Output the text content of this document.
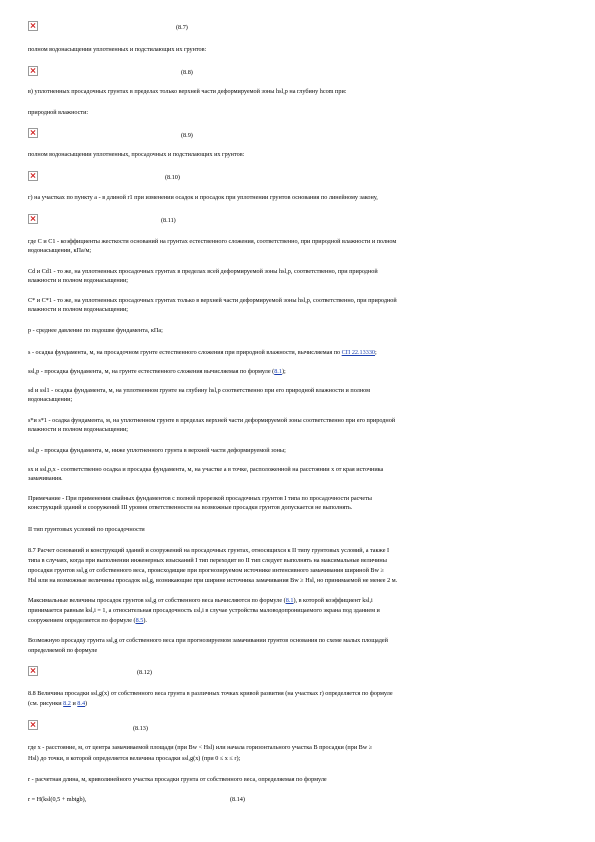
(8.7)
полном водонасыщении уплотненных и подстилающих их грунтов:
(8.8)
в) уплотненных просадочных грунтах в пределах только верхней части деформируемой зоны hsl,p на глубину hcom при:
природной влажности:
(8.9)
полном водонасыщении уплотненных, просадочных и подстилающих их грунтов:
(8.10)
г) на участках по пункту а - в длиной r1 при изменении осадок и просадок при уплотнении грунтов основания по линейному закону,
(8.11)
где С и С1 - коэффициенты жесткости оснований на грунтах естественного сложения, соответственно, при природной влажности и полном
водонасыщении, кПа/м;
Cd и Cd1 - то же, на уплотненных просадочных грунтах в пределах всей деформируемой зоны hsl,p, соответственно, при природной
влажности и полном водонасыщении;
C* и C*1 - то же, на уплотненных просадочных грунтах только в верхней части деформируемой зоны hsl,p, соответственно, при природной
влажности и полном водонасыщении;
р - среднее давление по подошве фундамента, кПа;
s - осадка фундамента, м, на просадочном грунте естественного сложения при природной влажности, вычисляемая по СП 22.13330;
ssl,p - просадка фундамента, м, на грунте естественного сложения вычисляемая по формуле (8.1);
sd и ssl1 - осадка фундамента, м, на уплотненном грунте на глубину hsl,p соответственно при его природной влажности и полном
водонасыщении;
s*и s*1 - осадка фундамента, м, на уплотненном грунте в пределах верхней части деформируемой зоны соответственно при его природной
влажности и полном водонасыщении;
ssl,p - просадка фундамента, м, ниже уплотненного грунта в верхней части деформируемой зоны;
sx и ssl,p,x - соответственно осадка и просадка фундамента, м, на участке а в точке, расположенной на расстоянии x от края источника
замачивания.
Примечание - При применении свайных фундаментов с полной прорезкой просадочных грунтов I типа по просадочности расчеты
конструкций зданий и сооружений III уровня ответственности на возможные просадки грунтов допускается не выполнять.
II тип грунтовых условий по просадочности
8.7 Расчет оснований и конструкций зданий и сооружений на просадочных грунтах, относящихся к II типу грунтовых условий, а также I
типа в случаях, когда при выполнении инженерных изысканий I тип переходит во II тип следует выполнять на максимальные величины
просадки грунтов ssl,g от собственного веса, происходящие при прогнозируемом источнике интенсивного замачивания шириной Bw ≥
Hsl или на возможные величины просадок ssl,g, возникающие при ширине источника замачивания Bw ≥ Hsl, но принимаемой не менее 2 м.
Максимальные величины просадок грунтов ssl,g от собственного веса вычисляются по формуле (8.1), в которой коэффициент ksl,i
принимается равным ksl,i = 1, а относительная просадочность εsl,i в случае устройства маловодопроницаемого экрана под зданием и
сооружением определяется по формуле (8.5).
Возможную просадку грунта ssl,g от собственного веса при прогнозируемом замачивании грунтов основания по схеме малых площадей
определяемой по формуле
(8.12)
8.8 Величина просадки ssl,g(x) от собственного веса грунта в различных точках кривой развития (на участках r) определяется по формуле
(см. рисунки 8.2 и 8.4)
(8.13)
где x - расстояние, м, от центра замачиваемой площади (при Bw < Hsl) или начала горизонтального участка В просадки (при Bw ≥
Hsl) до точки, в которой определяется величина просадки ssl,g(x) (при 0 ≤ x ≤ r);
r - расчетная длина, м, криволинейного участка просадки грунта от собственного веса, определяемая по формуле
r = H(ksl(0,5 + mbtgb),	(8.14)
